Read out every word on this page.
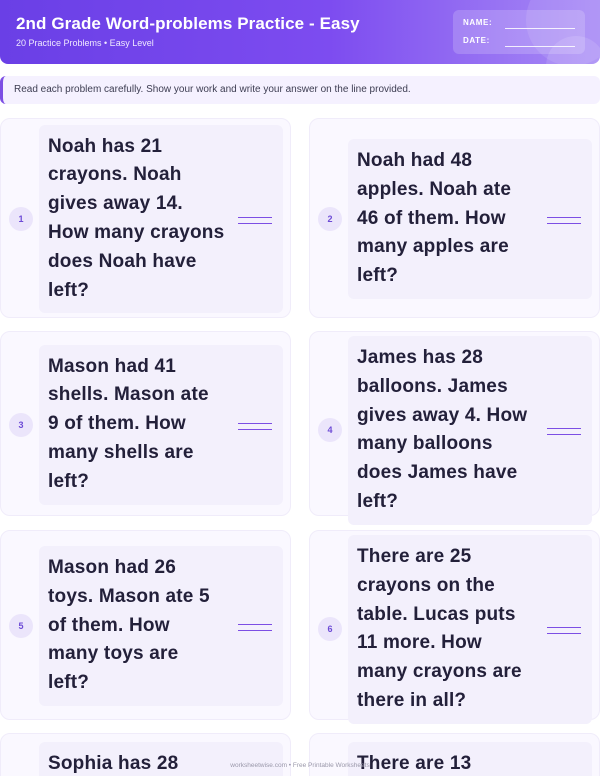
2nd Grade Word-problems Practice - Easy
20 Practice Problems • Easy Level
NAME:
DATE:
Read each problem carefully. Show your work and write your answer on the line provided.
Noah has 21
crayons. Noah
gives away 14.
How many crayons
does Noah have
left?
1
Noah had 48
apples. Noah ate
46 of them. How
many apples are
left?
2
Mason had 41
shells. Mason ate
9 of them. How
many shells are
left?
3
James has 28
balloons. James
gives away 4. How
many balloons
does James have
left?
4
Mason had 26
toys. Mason ate 5
of them. How
many toys are
left?
5
There are 25
crayons on the
table. Lucas puts
11 more. How
many crayons are
there in all?
6
Sophia has 28	There are 13
worksheetwise.com • Free Printable Worksheets
